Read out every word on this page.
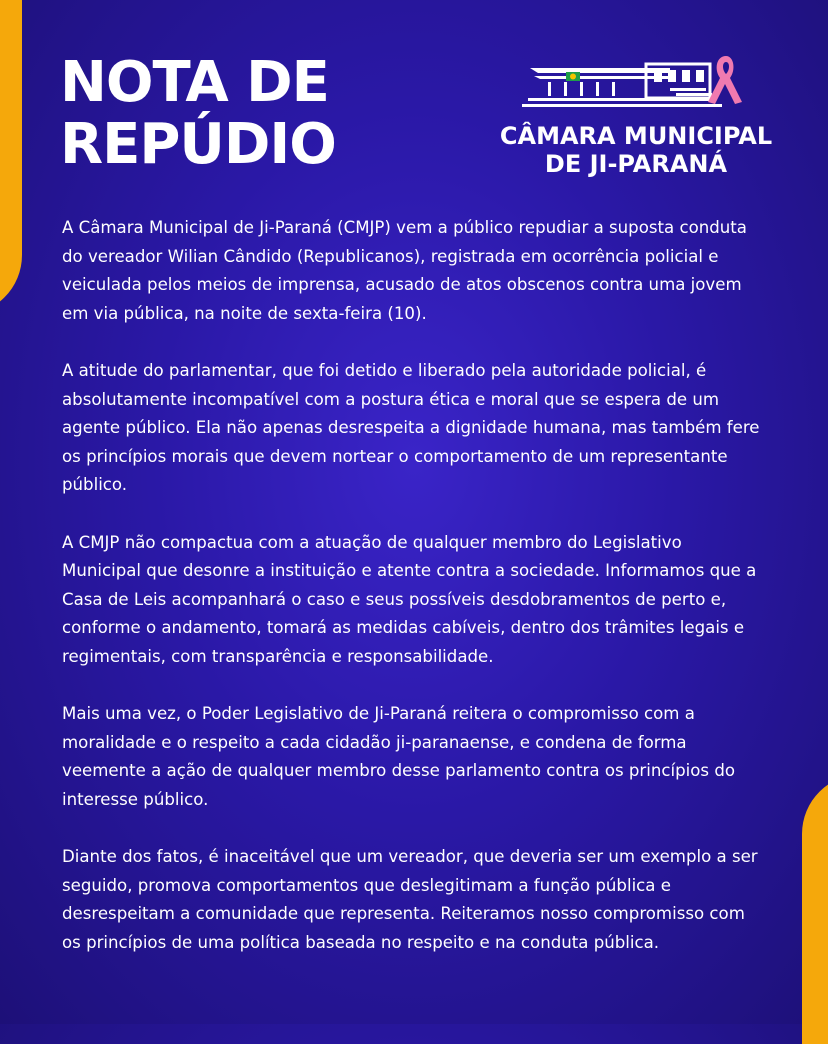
NOTA DE
REPÚDIO	CÂMARA MUNICIPAL
DE JI-PARANÁ

A Câmara Municipal de Ji-Paraná (CMJP) vem a público repudiar a suposta conduta do vereador Wilian Cândido (Republicanos), registrada em ocorrência policial e veiculada pelos meios de imprensa, acusado de atos obscenos contra uma jovem em via pública, na noite de sexta-feira (10).

A atitude do parlamentar, que foi detido e liberado pela autoridade policial, é absolutamente incompatível com a postura ética e moral que se espera de um agente público. Ela não apenas desrespeita a dignidade humana, mas também fere os princípios morais que devem nortear o comportamento de um representante público.

A CMJP não compactua com a atuação de qualquer membro do Legislativo Municipal que desonre a instituição e atente contra a sociedade. Informamos que a Casa de Leis acompanhará o caso e seus possíveis desdobramentos de perto e, conforme o andamento, tomará as medidas cabíveis, dentro dos trâmites legais e regimentais, com transparência e responsabilidade.

Mais uma vez, o Poder Legislativo de Ji-Paraná reitera o compromisso com a moralidade e o respeito a cada cidadão ji-paranaense, e condena de forma veemente a ação de qualquer membro desse parlamento contra os princípios do interesse público.

Diante dos fatos, é inaceitável que um vereador, que deveria ser um exemplo a ser seguido, promova comportamentos que deslegitimam a função pública e desrespeitam a comunidade que representa. Reiteramos nosso compromisso com os princípios de uma política baseada no respeito e na conduta pública.
